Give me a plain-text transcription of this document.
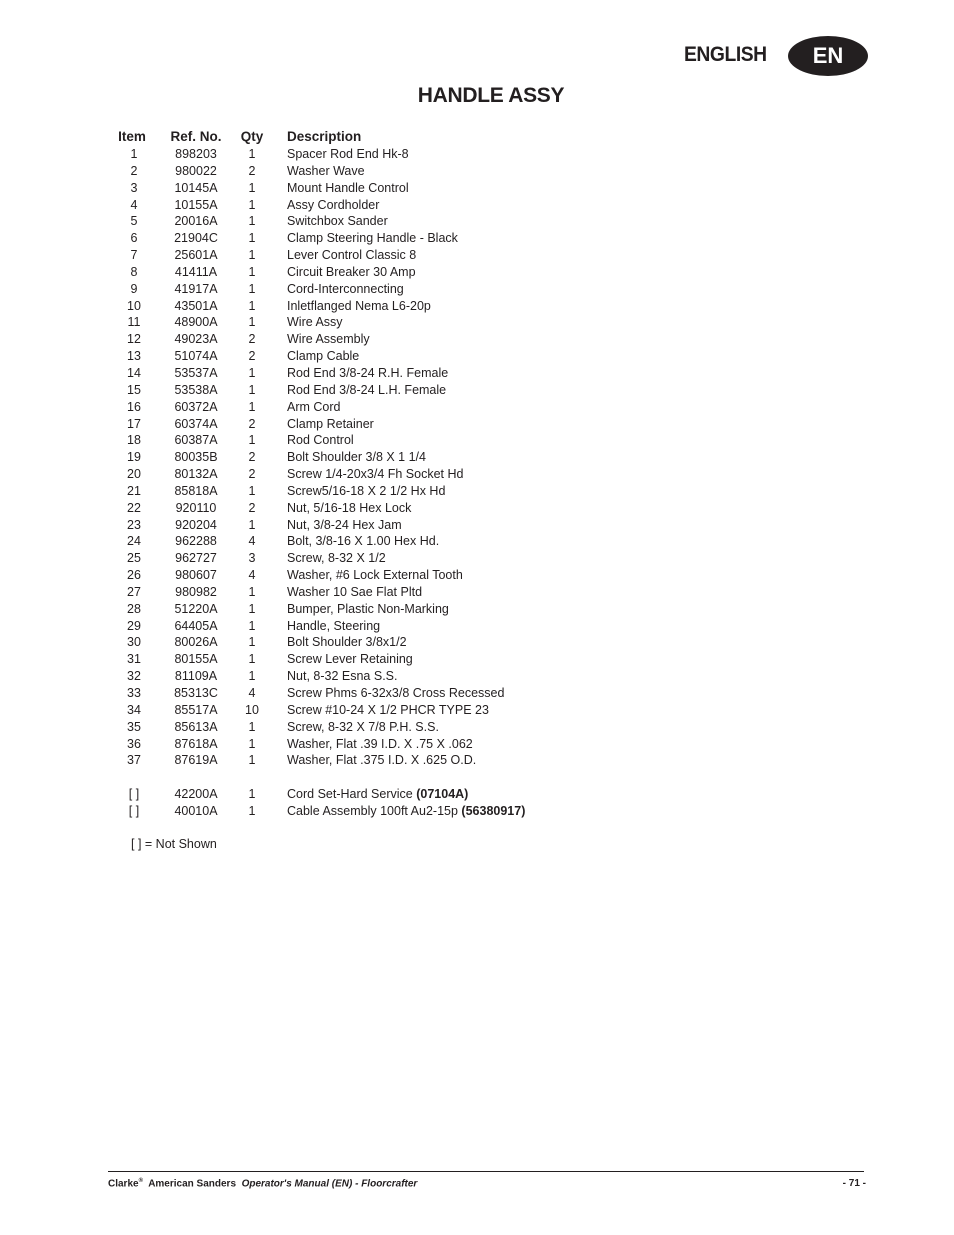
ENGLISH	EN
HANDLE ASSY
Item	Ref. No.	Qty Description
1	898203	1	Spacer Rod End Hk-8
2	980022	2	Washer Wave
3	10145A	1	Mount Handle Control
4	10155A	1	Assy Cordholder
5	20016A	1	Switchbox Sander
6	21904C	1	Clamp Steering Handle - Black
7	25601A	1	Lever Control Classic 8
8	41411A	1	Circuit Breaker 30 Amp
9	41917A	1	Cord-Interconnecting
10	43501A	1	Inletflanged Nema L6-20p
11	48900A	1	Wire Assy
12	49023A	2	Wire Assembly
13	51074A	2	Clamp Cable
14	53537A	1	Rod End 3/8-24 R.H. Female
15	53538A	1	Rod End 3/8-24 L.H. Female
16	60372A	1	Arm Cord
17	60374A	2	Clamp Retainer
18	60387A	1	Rod Control
19	80035B	2	Bolt Shoulder 3/8 X 1 1/4
20	80132A	2	Screw 1/4-20x3/4 Fh Socket Hd
21	85818A	1	Screw5/16-18 X 2 1/2 Hx Hd
22	920110	2	Nut, 5/16-18 Hex Lock
23	920204	1	Nut, 3/8-24 Hex Jam
24	962288	4	Bolt, 3/8-16 X 1.00 Hex Hd.
25	962727	3	Screw, 8-32 X 1/2
26	980607	4	Washer, #6 Lock External Tooth
27	980982	1	Washer 10 Sae Flat Pltd
28	51220A	1	Bumper, Plastic Non-Marking
29	64405A	1	Handle, Steering
30	80026A	1	Bolt Shoulder 3/8x1/2
31	80155A	1	Screw Lever Retaining
32	81109A	1	Nut, 8-32 Esna S.S.
33	85313C	4	Screw Phms 6-32x3/8 Cross Recessed
34	85517A	10	Screw #10-24 X 1/2 PHCR TYPE 23
35	85613A	1	Screw, 8-32 X 7/8 P.H. S.S.
36	87618A	1	Washer, Flat .39 I.D. X .75 X .062
37	87619A	1	Washer, Flat .375 I.D. X .625 O.D.
[ ]	42200A	1	Cord Set-Hard Service (07104A)
[ ]	40010A	1	Cable Assembly 100ft Au2-15p (56380917)
[ ] = Not Shown
Clarke® American Sanders Operator's Manual (EN) - Floorcrafter	- 71 -
